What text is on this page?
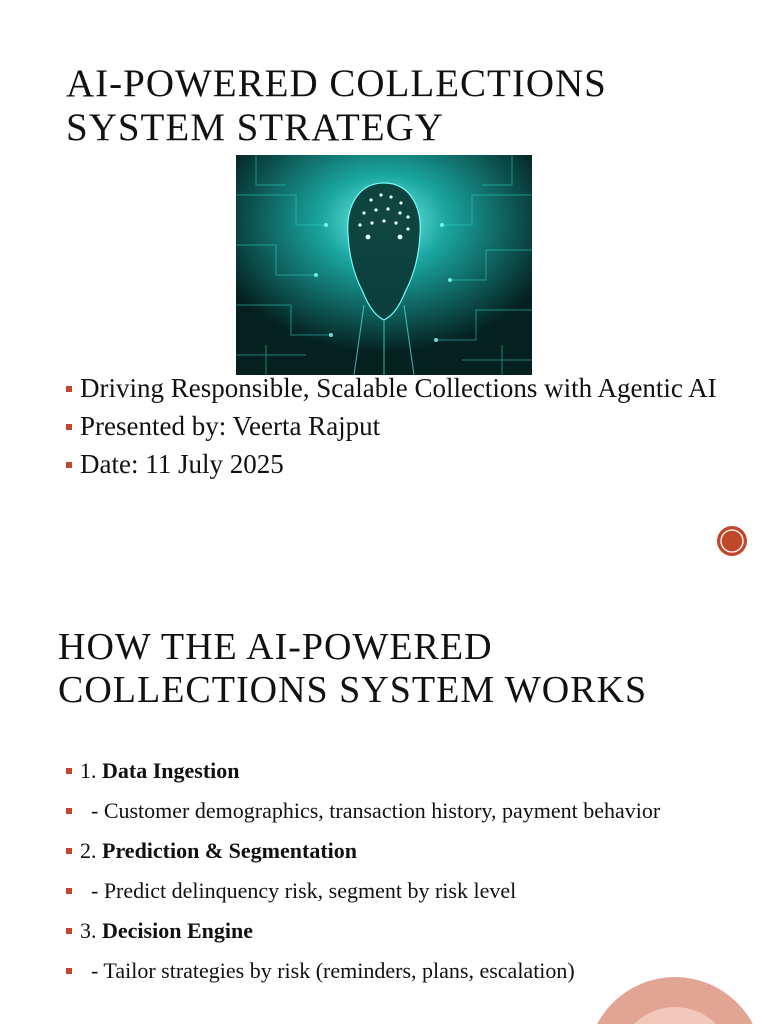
AI-POWERED COLLECTIONS
SYSTEM STRATEGY
Driving Responsible, Scalable Collections with Agentic AI
Presented by: Veerta Rajput
Date: 11 July 2025
HOW THE AI-POWERED
COLLECTIONS SYSTEM WORKS
1. Data Ingestion
- Customer demographics, transaction history, payment behavior
2. Prediction & Segmentation
- Predict delinquency risk, segment by risk level
3. Decision Engine
- Tailor strategies by risk (reminders, plans, escalation)
